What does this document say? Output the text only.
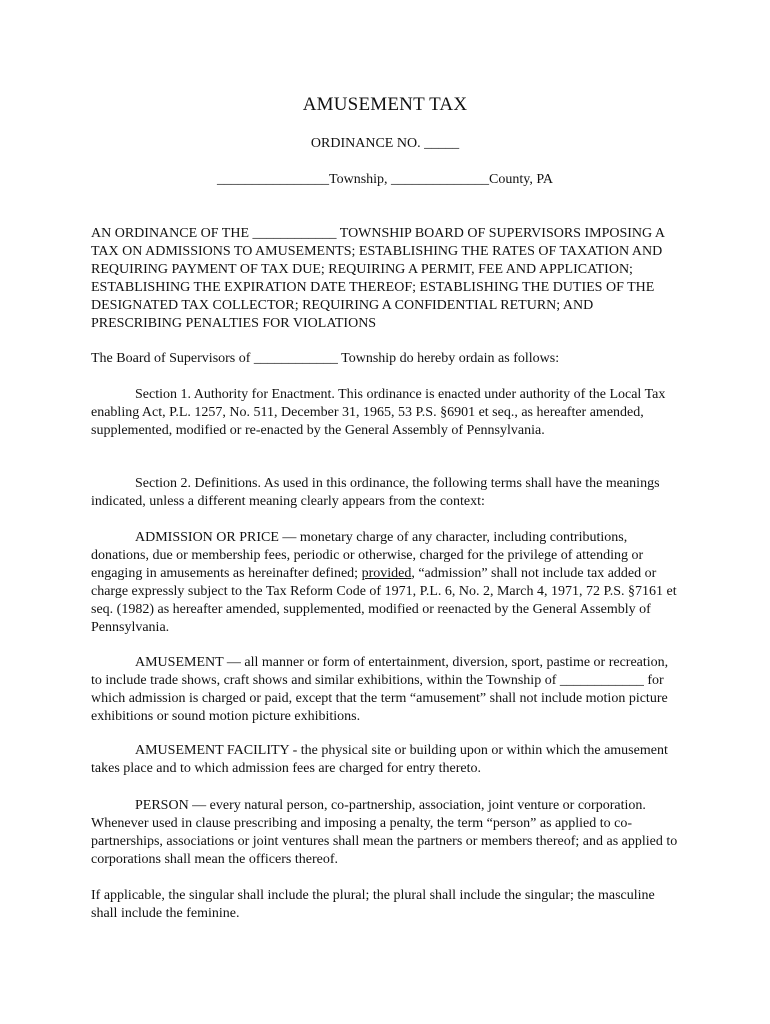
AMUSEMENT TAX
ORDINANCE NO. _____
________________Township, ______________County, PA
AN ORDINANCE OF THE ____________ TOWNSHIP BOARD OF SUPERVISORS IMPOSING A TAX ON ADMISSIONS TO AMUSEMENTS; ESTABLISHING THE RATES OF TAXATION AND REQUIRING PAYMENT OF TAX DUE; REQUIRING A PERMIT, FEE AND APPLICATION; ESTABLISHING THE EXPIRATION DATE THEREOF; ESTABLISHING THE DUTIES OF THE DESIGNATED TAX COLLECTOR; REQUIRING A CONFIDENTIAL RETURN; AND PRESCRIBING PENALTIES FOR VIOLATIONS
The Board of Supervisors of ____________ Township do hereby ordain as follows:
Section 1. Authority for Enactment. This ordinance is enacted under authority of the Local Tax enabling Act, P.L. 1257, No. 511, December 31, 1965, 53 P.S. §6901 et seq., as hereafter amended, supplemented, modified or re-enacted by the General Assembly of Pennsylvania.
Section 2. Definitions. As used in this ordinance, the following terms shall have the meanings indicated, unless a different meaning clearly appears from the context:
ADMISSION OR PRICE — monetary charge of any character, including contributions, donations, due or membership fees, periodic or otherwise, charged for the privilege of attending or engaging in amusements as hereinafter defined; provided, “admission” shall not include tax added or charge expressly subject to the Tax Reform Code of 1971, P.L. 6, No. 2, March 4, 1971, 72 P.S. §7161 et seq. (1982) as hereafter amended, supplemented, modified or reenacted by the General Assembly of Pennsylvania.
AMUSEMENT — all manner or form of entertainment, diversion, sport, pastime or recreation, to include trade shows, craft shows and similar exhibitions, within the Township of ____________ for which admission is charged or paid, except that the term “amusement” shall not include motion picture exhibitions or sound motion picture exhibitions.
AMUSEMENT FACILITY - the physical site or building upon or within which the amusement takes place and to which admission fees are charged for entry thereto.
PERSON — every natural person, co-partnership, association, joint venture or corporation. Whenever used in clause prescribing and imposing a penalty, the term “person” as applied to co-partnerships, associations or joint ventures shall mean the partners or members thereof; and as applied to corporations shall mean the officers thereof.
If applicable, the singular shall include the plural; the plural shall include the singular; the masculine shall include the feminine.
